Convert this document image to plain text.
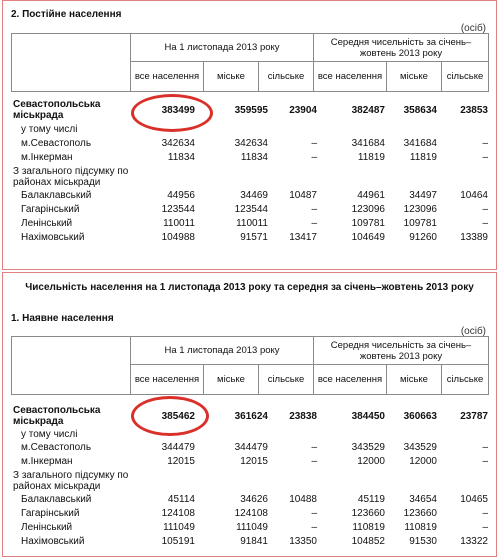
2. Постійне населення
(осіб)
	На 1 листопада 2013 року			Середня чисельність за січень–жовтень 2013 року		
	все населення	міське	сільське	все населення	міське	сільське
Севастопольська міськрада	383499	359595	23904	382487	358634	23853
у тому числі
м.Севастополь	342634	342634	–	341684	341684	–
м.Інкерман	11834	11834	–	11819	11819	–
З загального підсумку по районах міськради
Балаклавський	44956	34469	10487	44961	34497	10464
Гагарінський	123544	123544	–	123096	123096	–
Ленінський	110011	110011	–	109781	109781	–
Нахімовський	104988	91571	13417	104649	91260	13389
Чисельність населення на 1 листопада 2013 року та середня за січень–жовтень 2013 року
1. Наявне населення
(осіб)
	На 1 листопада 2013 року			Середня чисельність за січень–жовтень 2013 року		
	все населення	міське	сільське	все населення	міське	сільське
Севастопольська міськрада	385462	361624	23838	384450	360663	23787
у тому числі
м.Севастополь	344479	344479	–	343529	343529	–
м.Інкерман	12015	12015	–	12000	12000	–
З загального підсумку по районах міськради
Балаклавський	45114	34626	10488	45119	34654	10465
Гагарінський	124108	124108	–	123660	123660	–
Ленінський	111049	111049	–	110819	110819	–
Нахімовський	105191	91841	13350	104852	91530	13322
